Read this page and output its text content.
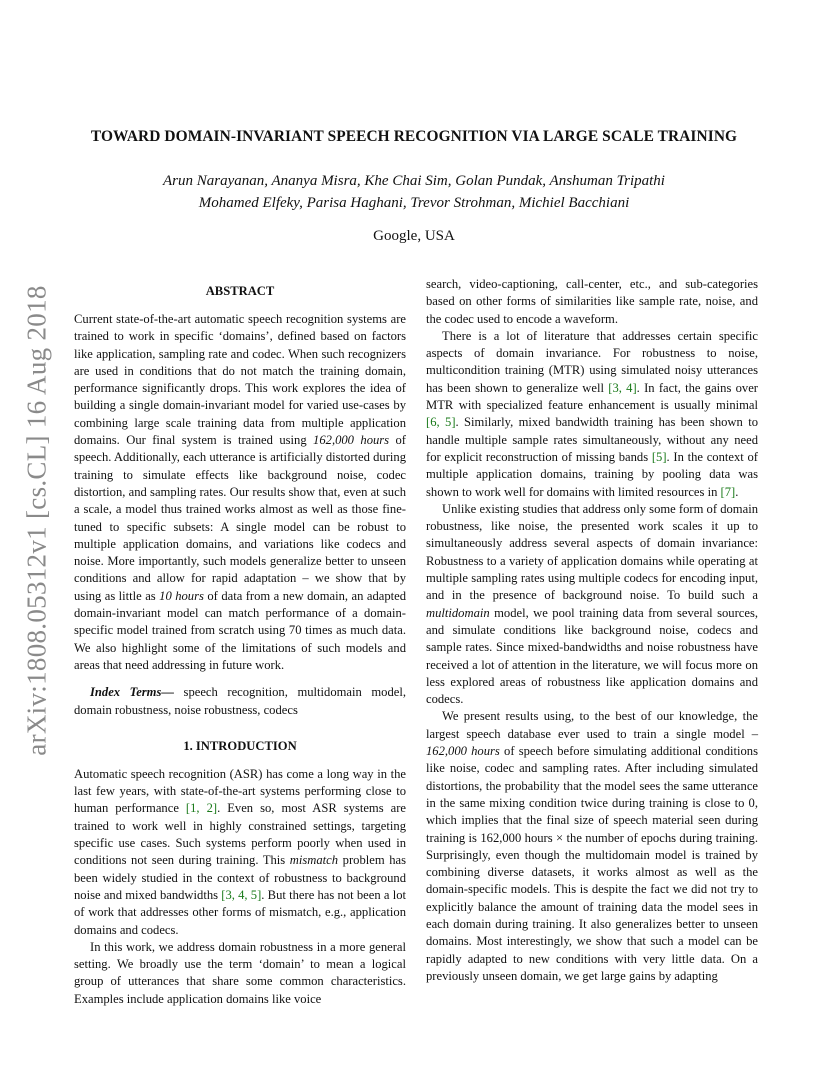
arXiv:1808.05312v1 [cs.CL] 16 Aug 2018
TOWARD DOMAIN-INVARIANT SPEECH RECOGNITION VIA LARGE SCALE TRAINING
Arun Narayanan, Ananya Misra, Khe Chai Sim, Golan Pundak, Anshuman Tripathi
Mohamed Elfeky, Parisa Haghani, Trevor Strohman, Michiel Bacchiani
Google, USA
ABSTRACT

Current state-of-the-art automatic speech recognition systems are trained to work in specific ‘domains’, defined based on factors like application, sampling rate and codec. When such recognizers are used in conditions that do not match the training domain, performance significantly drops. This work explores the idea of building a single domain-invariant model for varied use-cases by combining large scale training data from multiple application domains. Our final system is trained using 162,000 hours of speech. Additionally, each utterance is artificially distorted during training to simulate effects like background noise, codec distortion, and sampling rates. Our results show that, even at such a scale, a model thus trained works almost as well as those fine-tuned to specific subsets: A single model can be robust to multiple application domains, and variations like codecs and noise. More importantly, such models generalize better to unseen conditions and allow for rapid adaptation – we show that by using as little as 10 hours of data from a new domain, an adapted domain-invariant model can match performance of a domain-specific model trained from scratch using 70 times as much data. We also highlight some of the limitations of such models and areas that need addressing in future work.

Index Terms— speech recognition, multidomain model, domain robustness, noise robustness, codecs

1. INTRODUCTION

Automatic speech recognition (ASR) has come a long way in the last few years, with state-of-the-art systems performing close to human performance [1, 2]. Even so, most ASR systems are trained to work well in highly constrained settings, targeting specific use cases. Such systems perform poorly when used in conditions not seen during training. This mismatch problem has been widely studied in the context of robustness to background noise and mixed bandwidths [3, 4, 5]. But there has not been a lot of work that addresses other forms of mismatch, e.g., application domains and codecs.

In this work, we address domain robustness in a more general setting. We broadly use the term ‘domain’ to mean a logical group of utterances that share some common characteristics. Examples include application domains like voice

search, video-captioning, call-center, etc., and sub-categories based on other forms of similarities like sample rate, noise, and the codec used to encode a waveform.

There is a lot of literature that addresses certain specific aspects of domain invariance. For robustness to noise, multicondition training (MTR) using simulated noisy utterances has been shown to generalize well [3, 4]. In fact, the gains over MTR with specialized feature enhancement is usually minimal [6, 5]. Similarly, mixed bandwidth training has been shown to handle multiple sample rates simultaneously, without any need for explicit reconstruction of missing bands [5]. In the context of multiple application domains, training by pooling data was shown to work well for domains with limited resources in [7].

Unlike existing studies that address only some form of domain robustness, like noise, the presented work scales it up to simultaneously address several aspects of domain invariance: Robustness to a variety of application domains while operating at multiple sampling rates using multiple codecs for encoding input, and in the presence of background noise. To build such a multidomain model, we pool training data from several sources, and simulate conditions like background noise, codecs and sample rates. Since mixed-bandwidths and noise robustness have received a lot of attention in the literature, we will focus more on less explored areas of robustness like application domains and codecs.

We present results using, to the best of our knowledge, the largest speech database ever used to train a single model – 162,000 hours of speech before simulating additional conditions like noise, codec and sampling rates. After including simulated distortions, the probability that the model sees the same utterance in the same mixing condition twice during training is close to 0, which implies that the final size of speech material seen during training is 162,000 hours × the number of epochs during training. Surprisingly, even though the multidomain model is trained by combining diverse datasets, it works almost as well as the domain-specific models. This is despite the fact we did not try to explicitly balance the amount of training data the model sees in each domain during training. It also generalizes better to unseen domains. Most interestingly, we show that such a model can be rapidly adapted to new conditions with very little data. On a previously unseen domain, we get large gains by adapting
